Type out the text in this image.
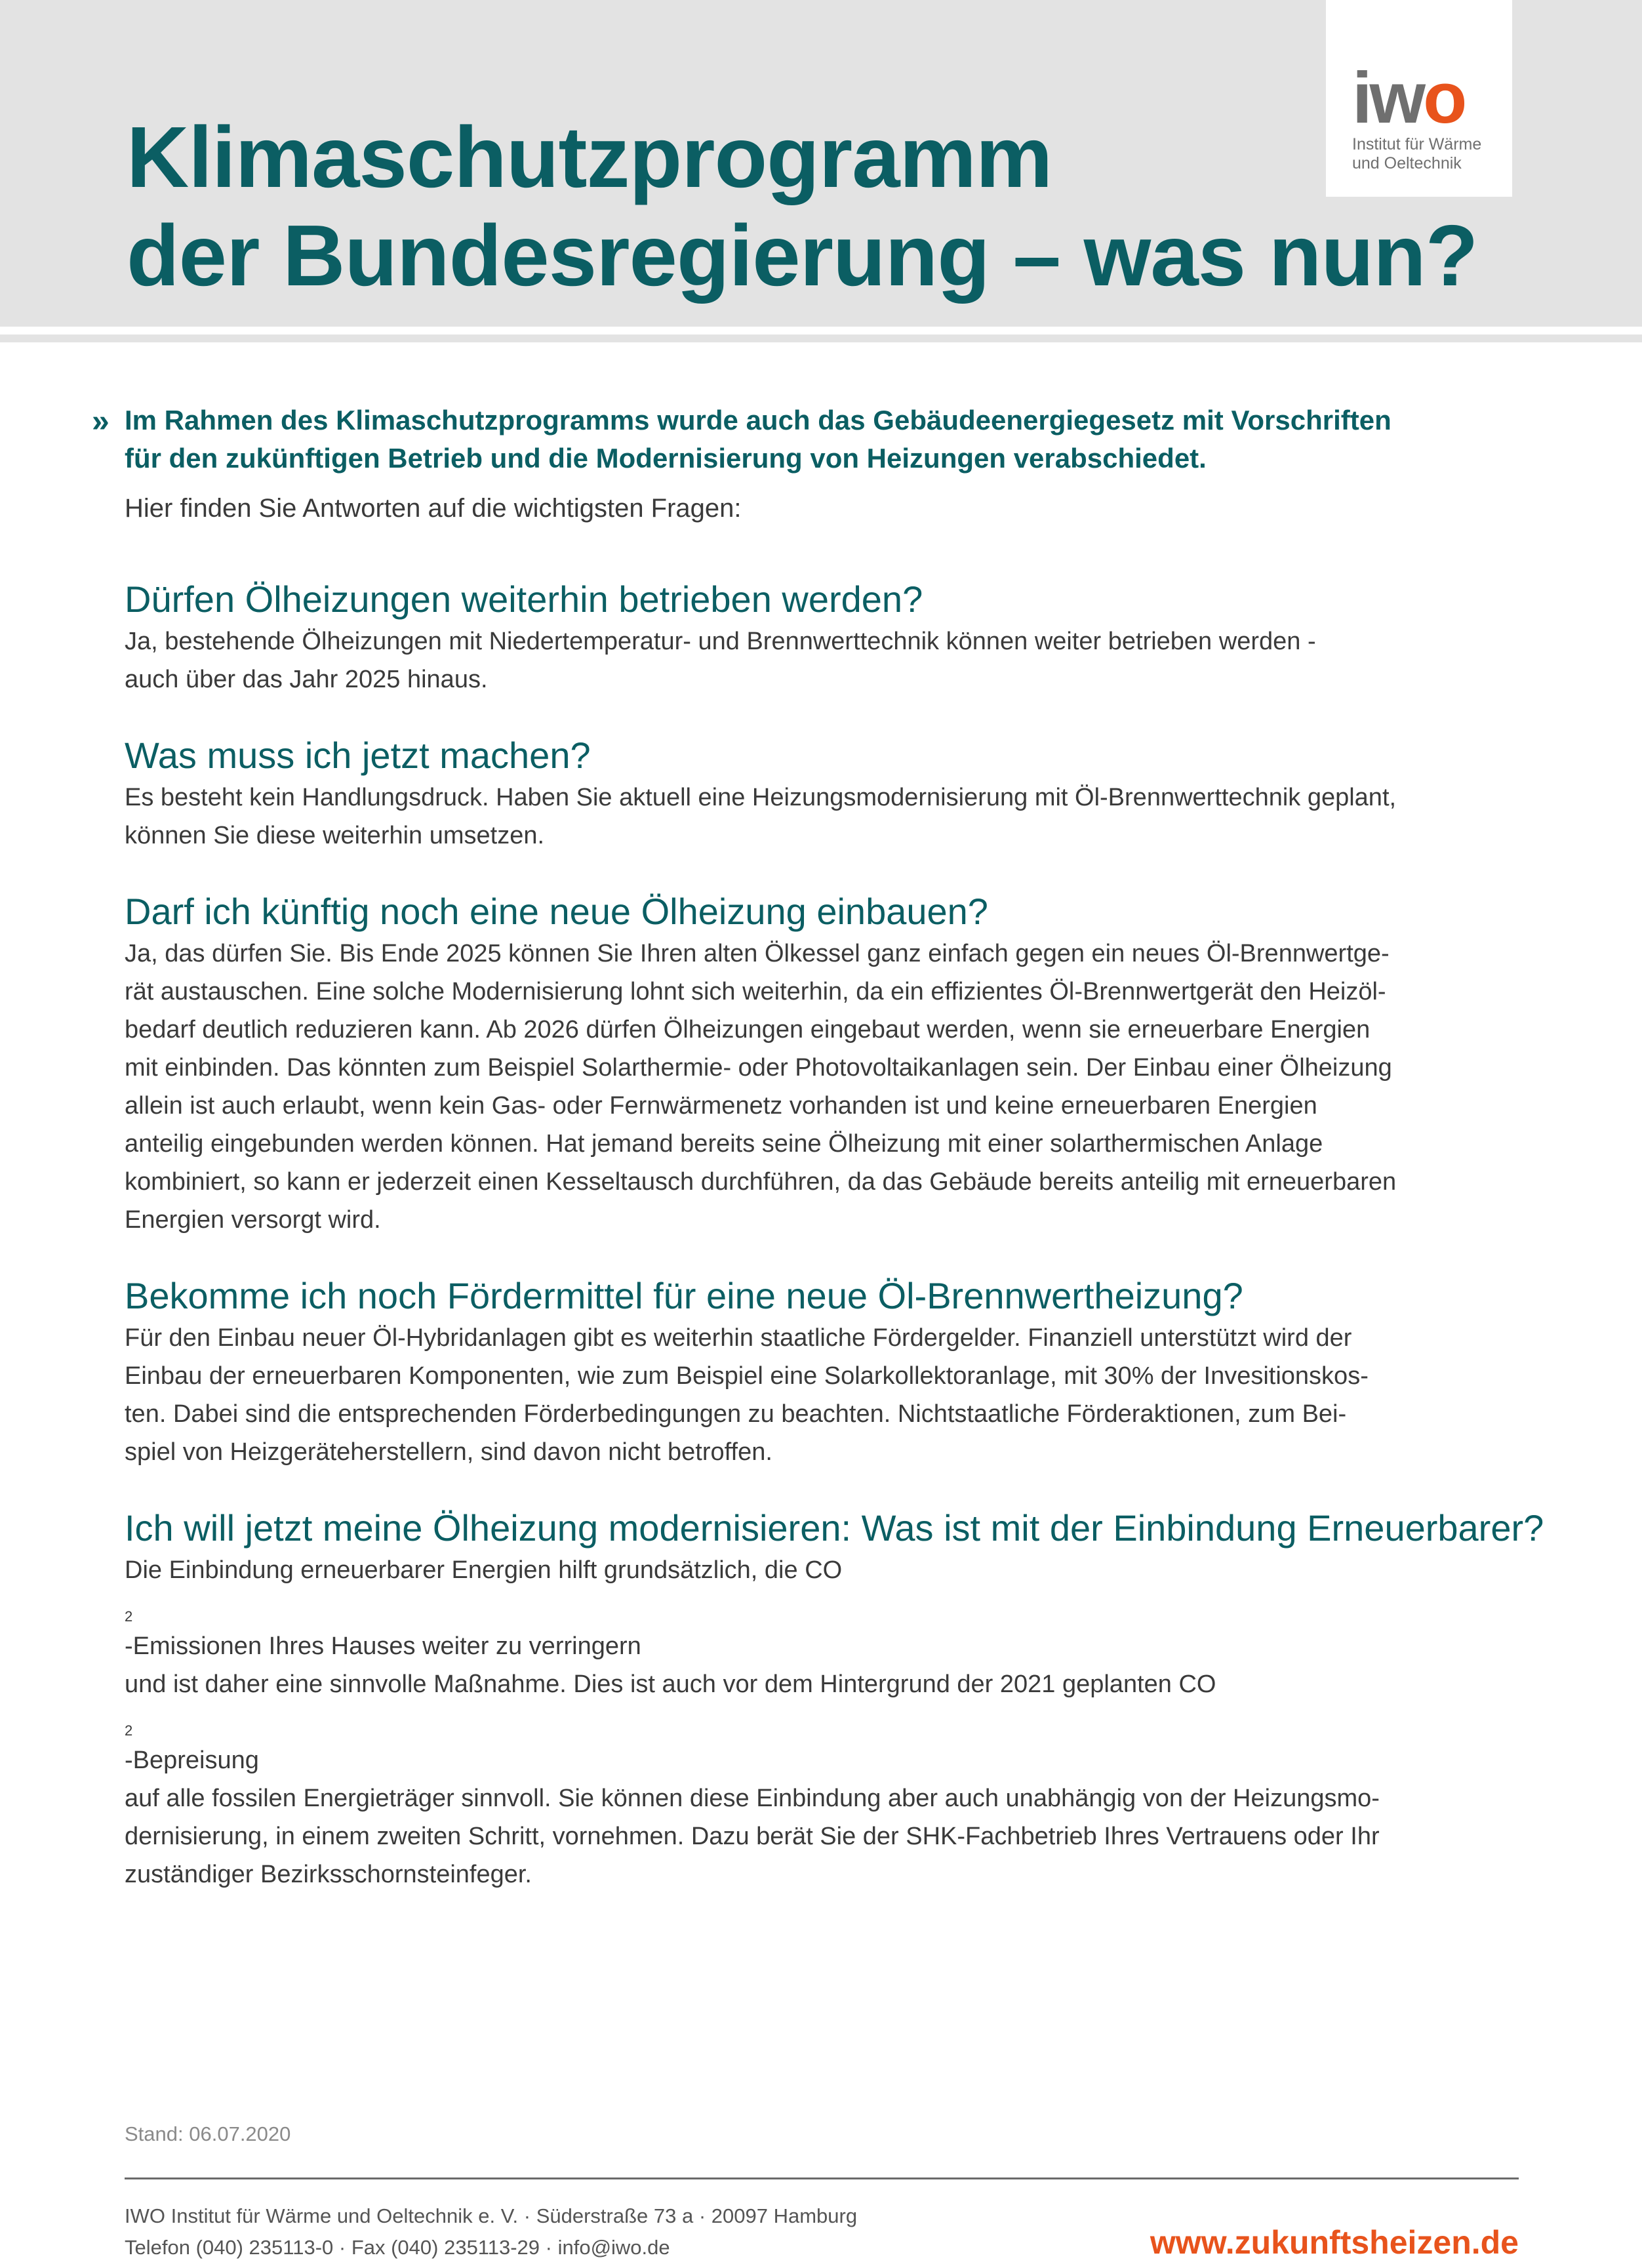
Klimaschutzprogramm
der Bundesregierung – was nun?
iwo
Institut für Wärme
und Oeltechnik
» Im Rahmen des Klimaschutzprogramms wurde auch das Gebäudeenergiegesetz mit Vorschriften
für den zukünftigen Betrieb und die Modernisierung von Heizungen verabschiedet.

Hier finden Sie Antworten auf die wichtigsten Fragen:

Dürfen Ölheizungen weiterhin betrieben werden?
Ja, bestehende Ölheizungen mit Niedertemperatur- und Brennwerttechnik können weiter betrieben werden -
auch über das Jahr 2025 hinaus.
Was muss ich jetzt machen?
Es besteht kein Handlungsdruck. Haben Sie aktuell eine Heizungsmodernisierung mit Öl-Brennwerttechnik geplant,
können Sie diese weiterhin umsetzen.
Darf ich künftig noch eine neue Ölheizung einbauen?
Ja, das dürfen Sie. Bis Ende 2025 können Sie Ihren alten Ölkessel ganz einfach gegen ein neues Öl-Brennwertge-
rät austauschen. Eine solche Modernisierung lohnt sich weiterhin, da ein effizientes Öl-Brennwertgerät den Heizöl-
bedarf deutlich reduzieren kann. Ab 2026 dürfen Ölheizungen eingebaut werden, wenn sie erneuerbare Energien
mit einbinden. Das könnten zum Beispiel Solarthermie- oder Photovoltaikanlagen sein. Der Einbau einer Ölheizung
allein ist auch erlaubt, wenn kein Gas- oder Fernwärmenetz vorhanden ist und keine erneuerbaren Energien
anteilig eingebunden werden können. Hat jemand bereits seine Ölheizung mit einer solarthermischen Anlage
kombiniert, so kann er jederzeit einen Kesseltausch durchführen, da das Gebäude bereits anteilig mit erneuerbaren
Energien versorgt wird.
Bekomme ich noch Fördermittel für eine neue Öl-Brennwertheizung?
Für den Einbau neuer Öl-Hybridanlagen gibt es weiterhin staatliche Fördergelder. Finanziell unterstützt wird der
Einbau der erneuerbaren Komponenten, wie zum Beispiel eine Solarkollektoranlage, mit 30% der Invesitionskos-
ten. Dabei sind die entsprechenden Förderbedingungen zu beachten. Nichtstaatliche Förderaktionen, zum Bei-
spiel von Heizgeräteherstellern, sind davon nicht betroffen.
Ich will jetzt meine Ölheizung modernisieren: Was ist mit der Einbindung Erneuerbarer?
Die Einbindung erneuerbarer Energien hilft grundsätzlich, die CO
$_2$
-Emissionen Ihres Hauses weiter zu verringern
und ist daher eine sinnvolle Maßnahme. Dies ist auch vor dem Hintergrund der 2021 geplanten CO
$_2$
-Bepreisung
auf alle fossilen Energieträger sinnvoll. Sie können diese Einbindung aber auch unabhängig von der Heizungsmo-
dernisierung, in einem zweiten Schritt, vornehmen. Dazu berät Sie der SHK-Fachbetrieb Ihres Vertrauens oder Ihr
zuständiger Bezirksschornsteinfeger.
Stand: 06.07.2020
IWO Institut für Wärme und Oeltechnik e. V. · Süderstraße 73 a · 20097 Hamburg
Telefon (040) 235113-0 · Fax (040) 235113-29 · info@iwo.de	www.zukunftsheizen.de
